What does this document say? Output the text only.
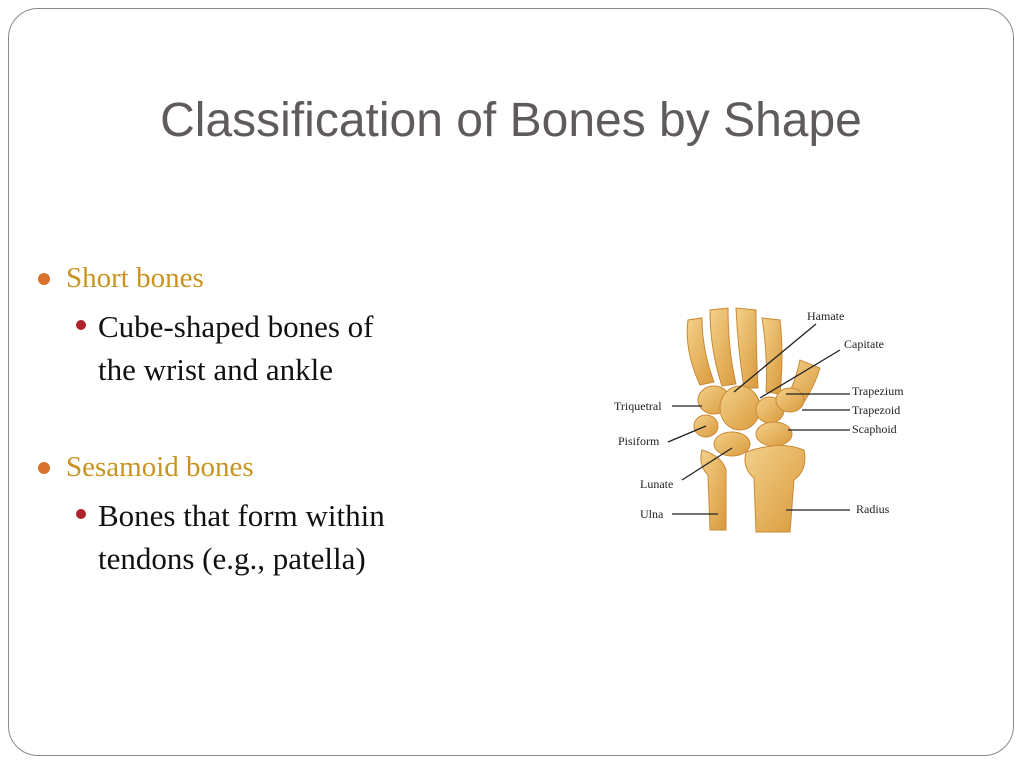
Classification of Bones by Shape
Short bones
Cube-shaped bones of
the wrist and ankle
Sesamoid bones
Bones that form within
tendons (e.g., patella)
Hamate
Capitate
Trapezium
Trapezoid
Scaphoid
Triquetral
Pisiform
Lunate
Ulna	Radius
